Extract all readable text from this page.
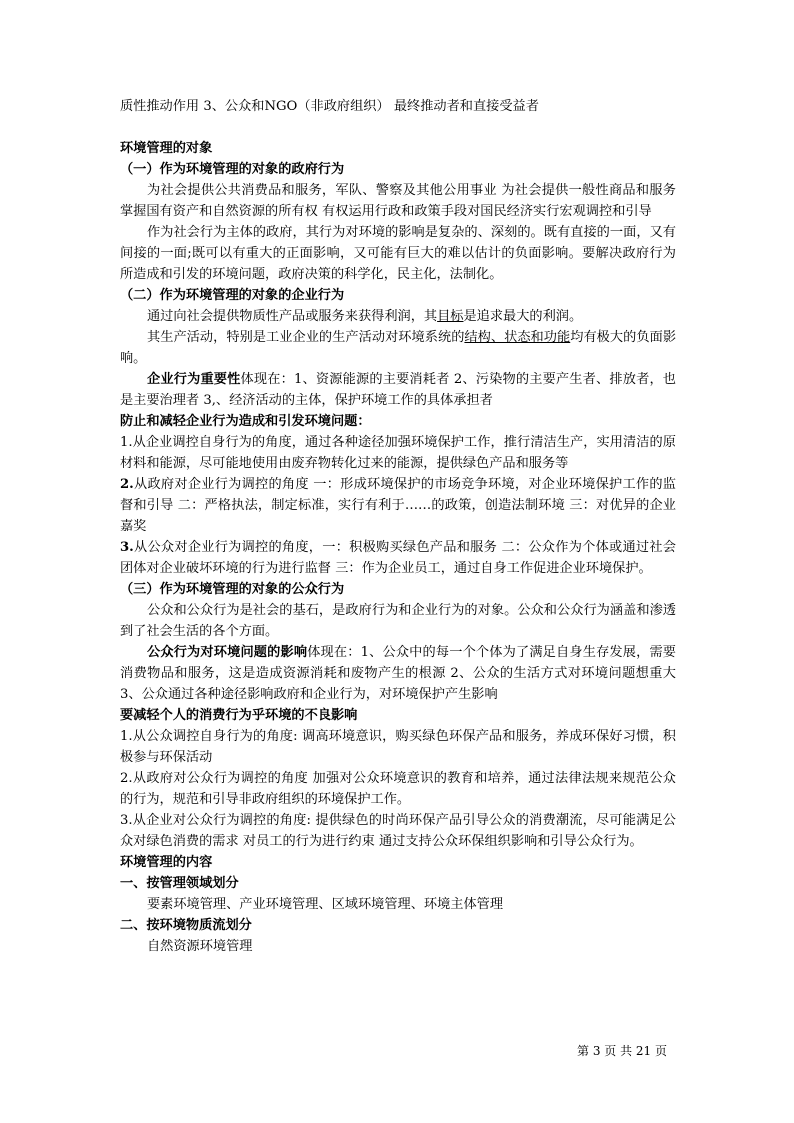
质性推动作用 3、公众和NGO（非政府组织） 最终推动者和直接受益者
环境管理的对象
（一）作为环境管理的对象的政府行为
为社会提供公共消费品和服务，军队、警察及其他公用事业 为社会提供一般性商品和服务 掌握国有资产和自然资源的所有权 有权运用行政和政策手段对国民经济实行宏观调控和引导
作为社会行为主体的政府，其行为对环境的影响是复杂的、深刻的。既有直接的一面，又有间接的一面;既可以有重大的正面影响，又可能有巨大的难以估计的负面影响。要解决政府行为所造成和引发的环境问题，政府决策的科学化，民主化，法制化。
（二）作为环境管理的对象的企业行为
通过向社会提供物质性产品或服务来获得利润，其目标是追求最大的利润。
其生产活动，特别是工业企业的生产活动对环境系统的结构、状态和功能均有极大的负面影响。
企业行为重要性体现在：1、资源能源的主要消耗者 2、污染物的主要产生者、排放者，也是主要治理者 3,、经济活动的主体，保护环境工作的具体承担者
防止和减轻企业行为造成和引发环境问题：
1.从企业调控自身行为的角度，通过各种途径加强环境保护工作，推行清洁生产，实用清洁的原材料和能源，尽可能地使用由废弃物转化过来的能源，提供绿色产品和服务等
2.从政府对企业行为调控的角度 一：形成环境保护的市场竞争环境，对企业环境保护工作的监督和引导 二：严格执法，制定标准，实行有利于……的政策，创造法制环境 三：对优异的企业嘉奖
3.从公众对企业行为调控的角度，一：积极购买绿色产品和服务 二：公众作为个体或通过社会团体对企业破坏环境的行为进行监督 三：作为企业员工，通过自身工作促进企业环境保护。
（三）作为环境管理的对象的公众行为
公众和公众行为是社会的基石，是政府行为和企业行为的对象。公众和公众行为涵盖和渗透到了社会生活的各个方面。
公众行为对环境问题的影响体现在：1、公众中的每一个个体为了满足自身生存发展，需要消费物品和服务，这是造成资源消耗和废物产生的根源 2、公众的生活方式对环境问题想重大 3、公众通过各种途径影响政府和企业行为，对环境保护产生影响
要减轻个人的消费行为乎环境的不良影响
1.从公众调控自身行为的角度: 调高环境意识，购买绿色环保产品和服务，养成环保好习惯，积极参与环保活动
2.从政府对公众行为调控的角度 加强对公众环境意识的教育和培养，通过法律法规来规范公众的行为，规范和引导非政府组织的环境保护工作。
3.从企业对公众行为调控的角度: 提供绿色的时尚环保产品引导公众的消费潮流，尽可能满足公众对绿色消费的需求 对员工的行为进行约束 通过支持公众环保组织影响和引导公众行为。
环境管理的内容
一、按管理领域划分
要素环境管理、产业环境管理、区域环境管理、环境主体管理
二、按环境物质流划分
自然资源环境管理
第 3 页 共 21 页
